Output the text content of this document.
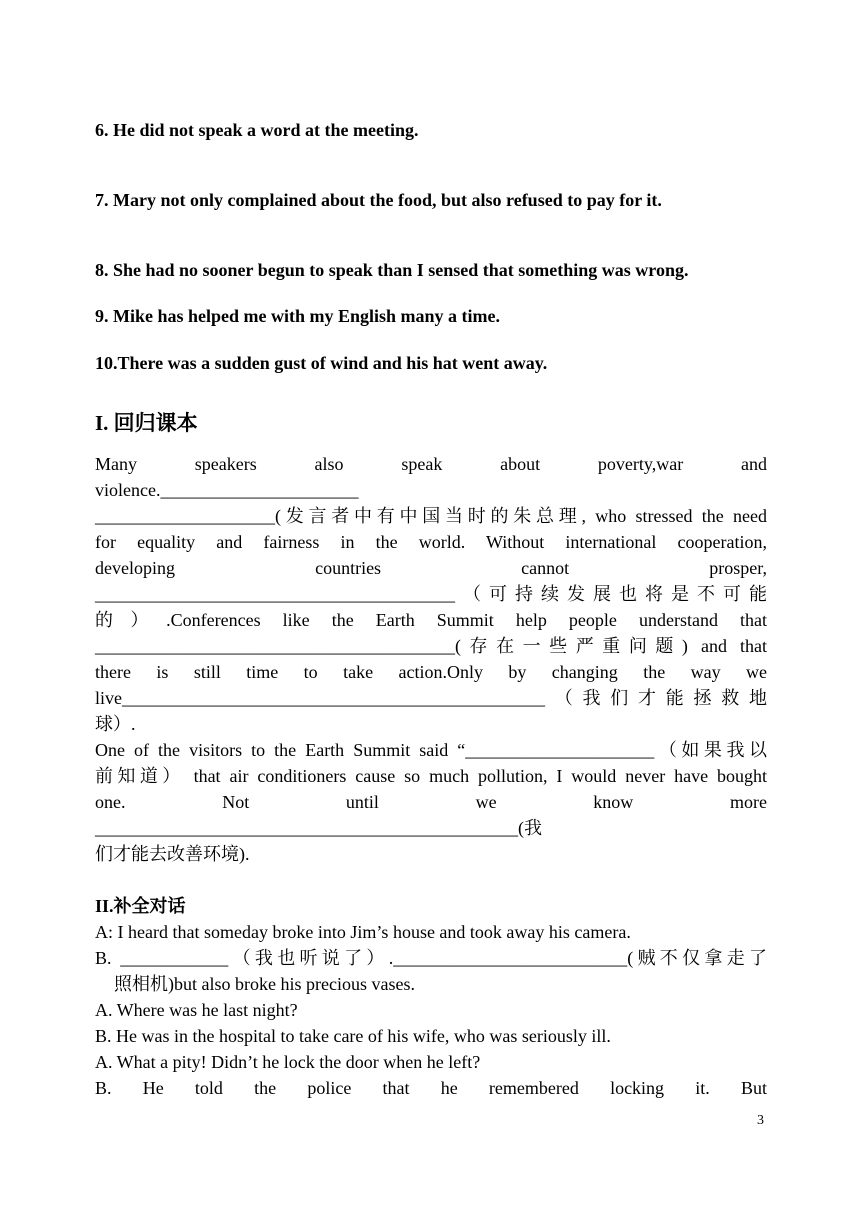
6. He did not speak a word at the meeting.
7. Mary not only complained about the food, but also refused to pay for it.
8. She had no sooner begun to speak than I sensed that something was wrong.
9. Mike has helped me with my English many a time.
10.There was a sudden gust of wind and his hat went away.
I. 回归课本
Many speakers also speak about poverty,war and
violence.______________________
____________________(发言者中有中国当时的朱总理, who stressed the need
for equality and fairness in the world. Without international cooperation,
developing countries cannot prosper,
________________________________________（可持续发展也将是不可能
的）.Conferences like the Earth Summit help people understand that
________________________________________(存在一些严重问题) and that
there is still time to take action.Only by changing the way we
live_______________________________________________（我们才能拯救地
球）.
One of the visitors to the Earth Summit said “_____________________（如果我以
前知道） that air conditioners cause so much pollution, I would never have bought
one. Not until we know more
_______________________________________________(我
们才能去改善环境).
II.补全对话
A: I heard that someday broke into Jim’s house and took away his camera.
B. ____________（我也听说了）.__________________________(贼不仅拿走了
照相机)but also broke his precious vases.
A. Where was he last night?
B. He was in the hospital to take care of his wife, who was seriously ill.
A. What a pity! Didn’t he lock the door when he left?
B. He told the police that he remembered locking it. But
3
